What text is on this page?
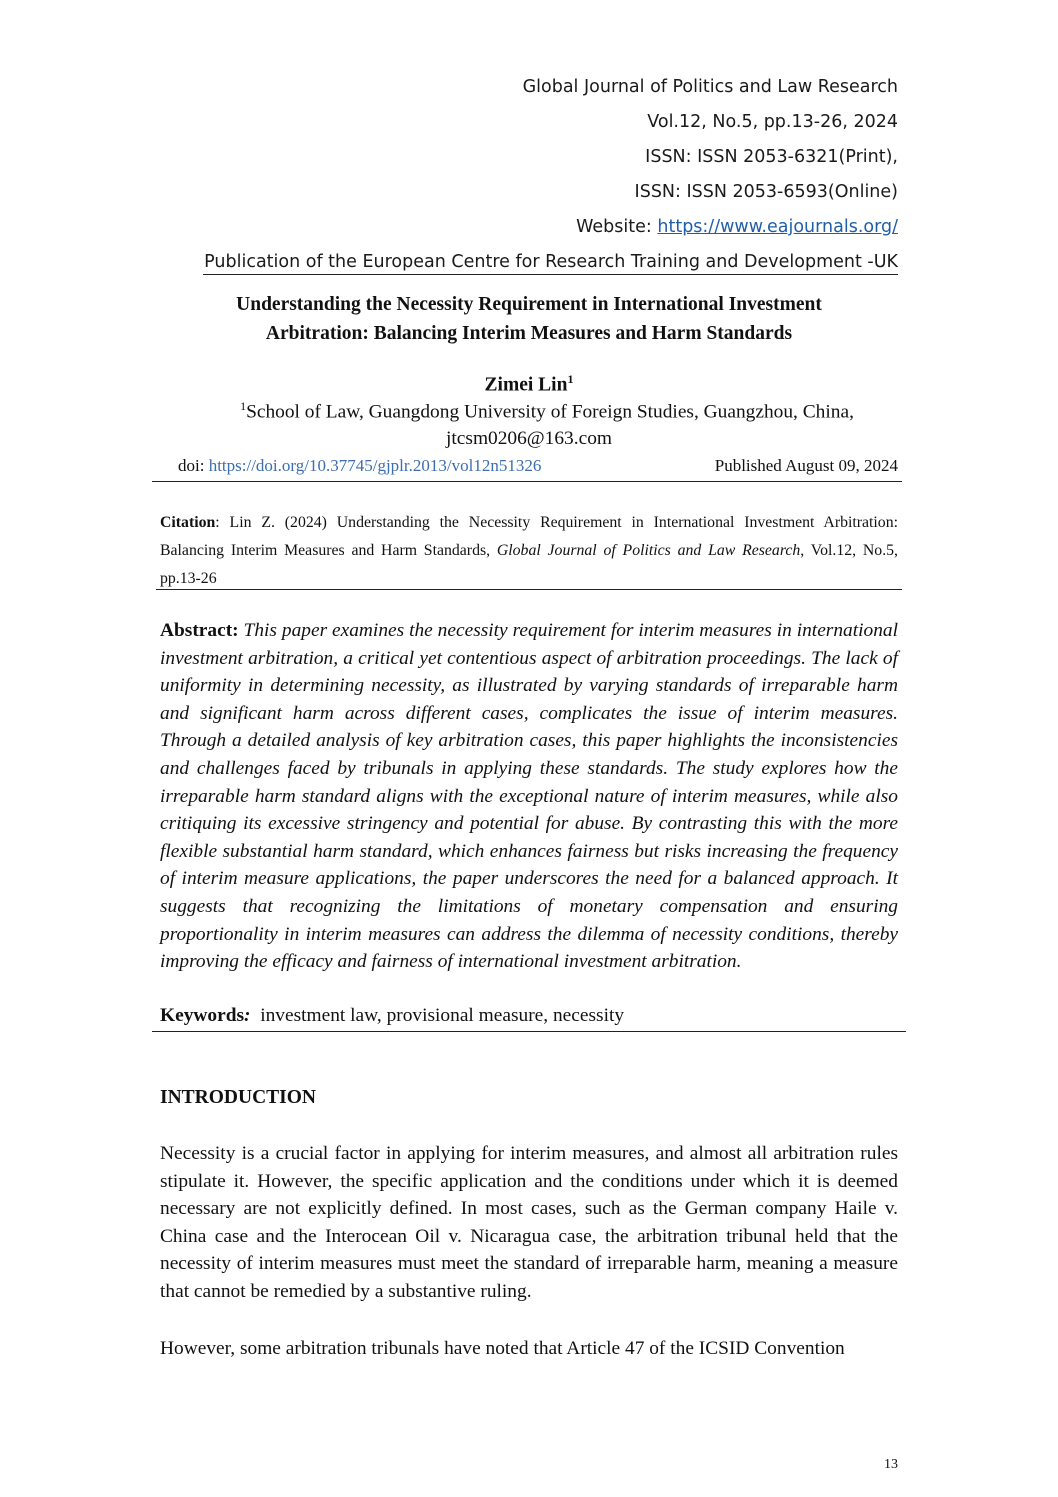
Global Journal of Politics and Law Research
Vol.12, No.5, pp.13-26, 2024
ISSN: ISSN 2053-6321(Print),
ISSN: ISSN 2053-6593(Online)
Website: https://www.eajournals.org/
Publication of the European Centre for Research Training and Development -UK
Understanding the Necessity Requirement in International Investment
Arbitration: Balancing Interim Measures and Harm Standards
Zimei Lin$^1$
$^1$School of Law, Guangdong University of Foreign Studies, Guangzhou, China,
jtcsm0206@163.com
doi: https://doi.org/10.37745/gjplr.2013/vol12n51326	Published August 09, 2024
Citation: Lin Z. (2024) Understanding the Necessity Requirement in International Investment Arbitration: Balancing Interim Measures and Harm Standards, Global Journal of Politics and Law Research, Vol.12, No.5, pp.13-26
Abstract: This paper examines the necessity requirement for interim measures in international investment arbitration, a critical yet contentious aspect of arbitration proceedings. The lack of uniformity in determining necessity, as illustrated by varying standards of irreparable harm and significant harm across different cases, complicates the issue of interim measures. Through a detailed analysis of key arbitration cases, this paper highlights the inconsistencies and challenges faced by tribunals in applying these standards. The study explores how the irreparable harm standard aligns with the exceptional nature of interim measures, while also critiquing its excessive stringency and potential for abuse. By contrasting this with the more flexible substantial harm standard, which enhances fairness but risks increasing the frequency of interim measure applications, the paper underscores the need for a balanced approach. It suggests that recognizing the limitations of monetary compensation and ensuring proportionality in interim measures can address the dilemma of necessity conditions, thereby improving the efficacy and fairness of international investment arbitration.
Keywords: investment law, provisional measure, necessity
INTRODUCTION
Necessity is a crucial factor in applying for interim measures, and almost all arbitration rules stipulate it. However, the specific application and the conditions under which it is deemed necessary are not explicitly defined. In most cases, such as the German company Haile v. China case and the Interocean Oil v. Nicaragua case, the arbitration tribunal held that the necessity of interim measures must meet the standard of irreparable harm, meaning a measure that cannot be remedied by a substantive ruling.
However, some arbitration tribunals have noted that Article 47 of the ICSID Convention
13
